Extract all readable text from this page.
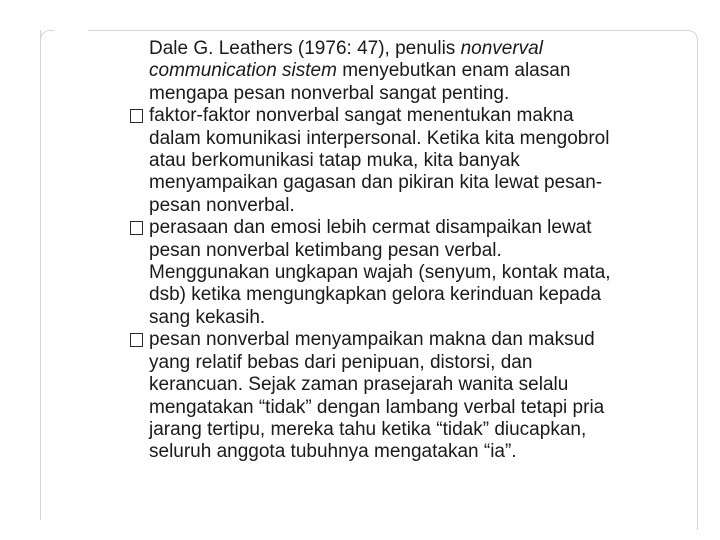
Dale G. Leathers (1976: 47), penulis nonverval
communication sistem menyebutkan enam alasan
mengapa pesan nonverbal sangat penting.
faktor-faktor nonverbal sangat menentukan makna
dalam komunikasi interpersonal. Ketika kita mengobrol
atau berkomunikasi tatap muka, kita banyak
menyampaikan gagasan dan pikiran kita lewat pesan-
pesan nonverbal.
perasaan dan emosi lebih cermat disampaikan lewat
pesan nonverbal ketimbang pesan verbal.
Menggunakan ungkapan wajah (senyum, kontak mata,
dsb) ketika mengungkapkan gelora kerinduan kepada
sang kekasih.
pesan nonverbal menyampaikan makna dan maksud
yang relatif bebas dari penipuan, distorsi, dan
kerancuan. Sejak zaman prasejarah wanita selalu
mengatakan “tidak” dengan lambang verbal tetapi pria
jarang tertipu, mereka tahu ketika “tidak” diucapkan,
seluruh anggota tubuhnya mengatakan “ia”.
